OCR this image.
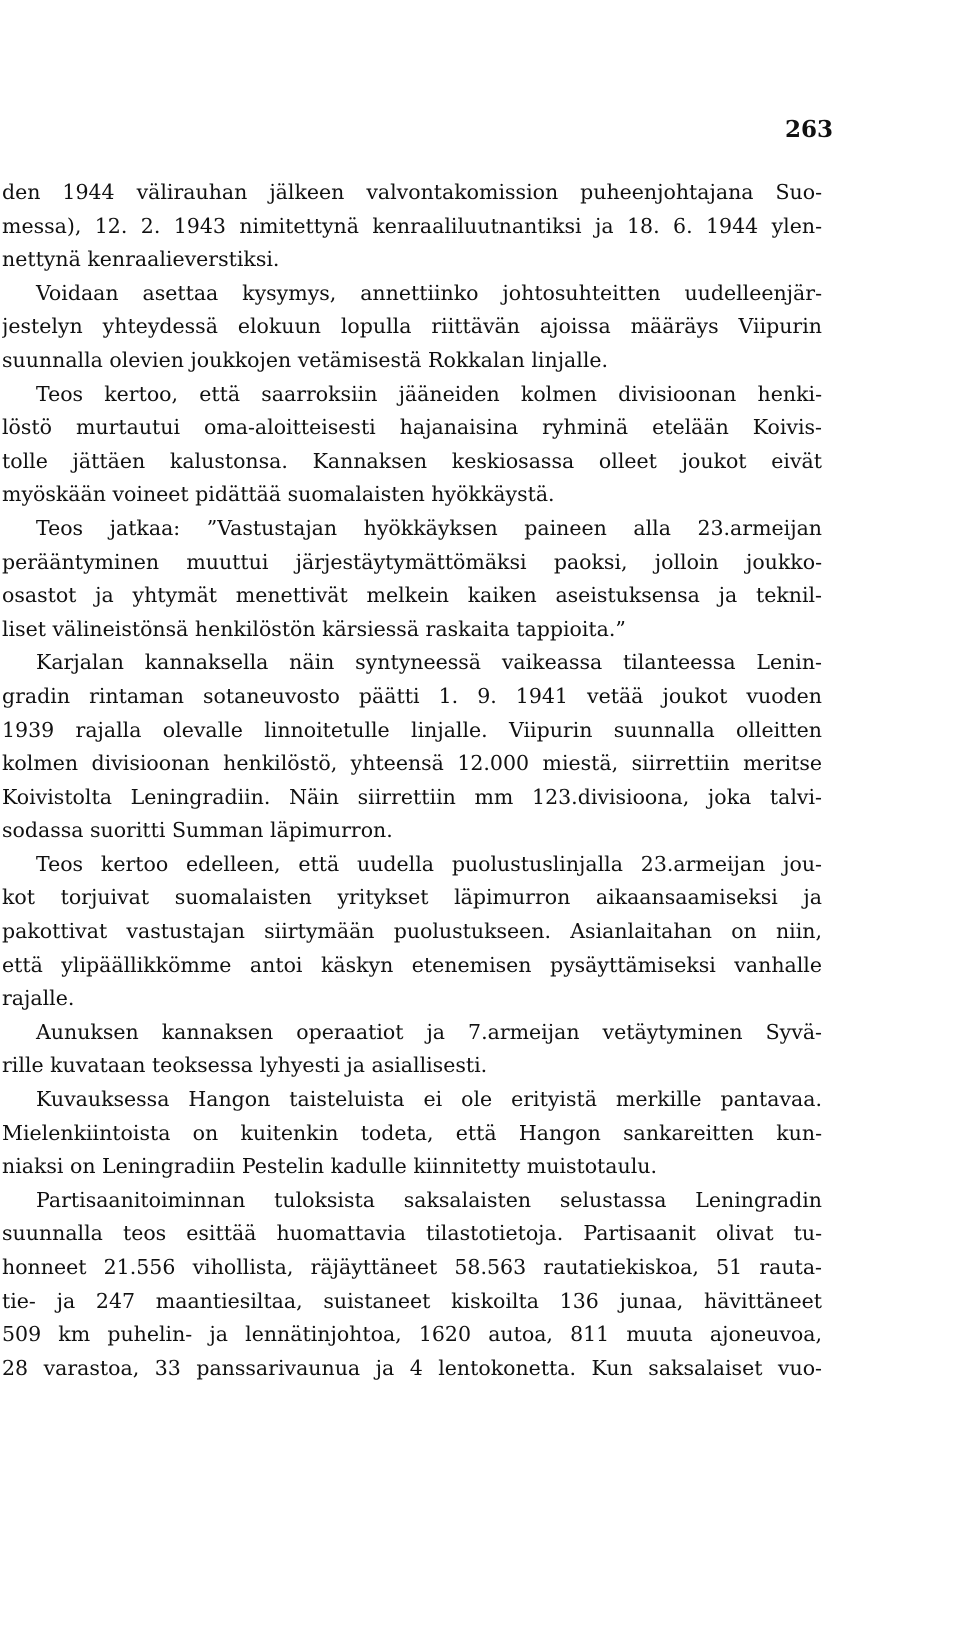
263
den 1944 välirauhan jälkeen valvontakomission puheenjohtajana Suo-
messa), 12. 2. 1943 nimitettynä kenraaliluutnantiksi ja 18. 6. 1944 ylen-
nettynä kenraalieverstiksi.
Voidaan asettaa kysymys, annettiinko johtosuhteitten uudelleenjär-
jestelyn yhteydessä elokuun lopulla riittävän ajoissa määräys Viipurin
suunnalla olevien joukkojen vetämisestä Rokkalan linjalle.
Teos kertoo, että saarroksiin jääneiden kolmen divisioonan henki-
löstö murtautui oma-aloitteisesti hajanaisina ryhminä etelään Koivis-
tolle jättäen kalustonsa. Kannaksen keskiosassa olleet joukot eivät
myöskään voineet pidättää suomalaisten hyökkäystä.
Teos jatkaa: ”Vastustajan hyökkäyksen paineen alla 23.armeijan
perääntyminen muuttui järjestäytymättömäksi paoksi, jolloin joukko-
osastot ja yhtymät menettivät melkein kaiken aseistuksensa ja teknil-
liset välineistönsä henkilöstön kärsiessä raskaita tappioita.”
Karjalan kannaksella näin syntyneessä vaikeassa tilanteessa Lenin-
gradin rintaman sotaneuvosto päätti 1. 9. 1941 vetää joukot vuoden
1939 rajalla olevalle linnoitetulle linjalle. Viipurin suunnalla olleitten
kolmen divisioonan henkilöstö, yhteensä 12.000 miestä, siirrettiin meritse
Koivistolta Leningradiin. Näin siirrettiin mm 123.divisioona, joka talvi-
sodassa suoritti Summan läpimurron.
Teos kertoo edelleen, että uudella puolustuslinjalla 23.armeijan jou-
kot torjuivat suomalaisten yritykset läpimurron aikaansaamiseksi ja
pakottivat vastustajan siirtymään puolustukseen. Asianlaitahan on niin,
että ylipäällikkömme antoi käskyn etenemisen pysäyttämiseksi vanhalle
rajalle.
Aunuksen kannaksen operaatiot ja 7.armeijan vetäytyminen Syvä-
rille kuvataan teoksessa lyhyesti ja asiallisesti.
Kuvauksessa Hangon taisteluista ei ole erityistä merkille pantavaa.
Mielenkiintoista on kuitenkin todeta, että Hangon sankareitten kun-
niaksi on Leningradiin Pestelin kadulle kiinnitetty muistotaulu.
Partisaanitoiminnan tuloksista saksalaisten selustassa Leningradin
suunnalla teos esittää huomattavia tilastotietoja. Partisaanit olivat tu-
honneet 21.556 vihollista, räjäyttäneet 58.563 rautatiekiskoa, 51 rauta-
tie- ja 247 maantiesiltaa, suistaneet kiskoilta 136 junaa, hävittäneet
509 km puhelin- ja lennätinjohtoa, 1620 autoa, 811 muuta ajoneuvoa,
28 varastoa, 33 panssarivaunua ja 4 lentokonetta. Kun saksalaiset vuo-
